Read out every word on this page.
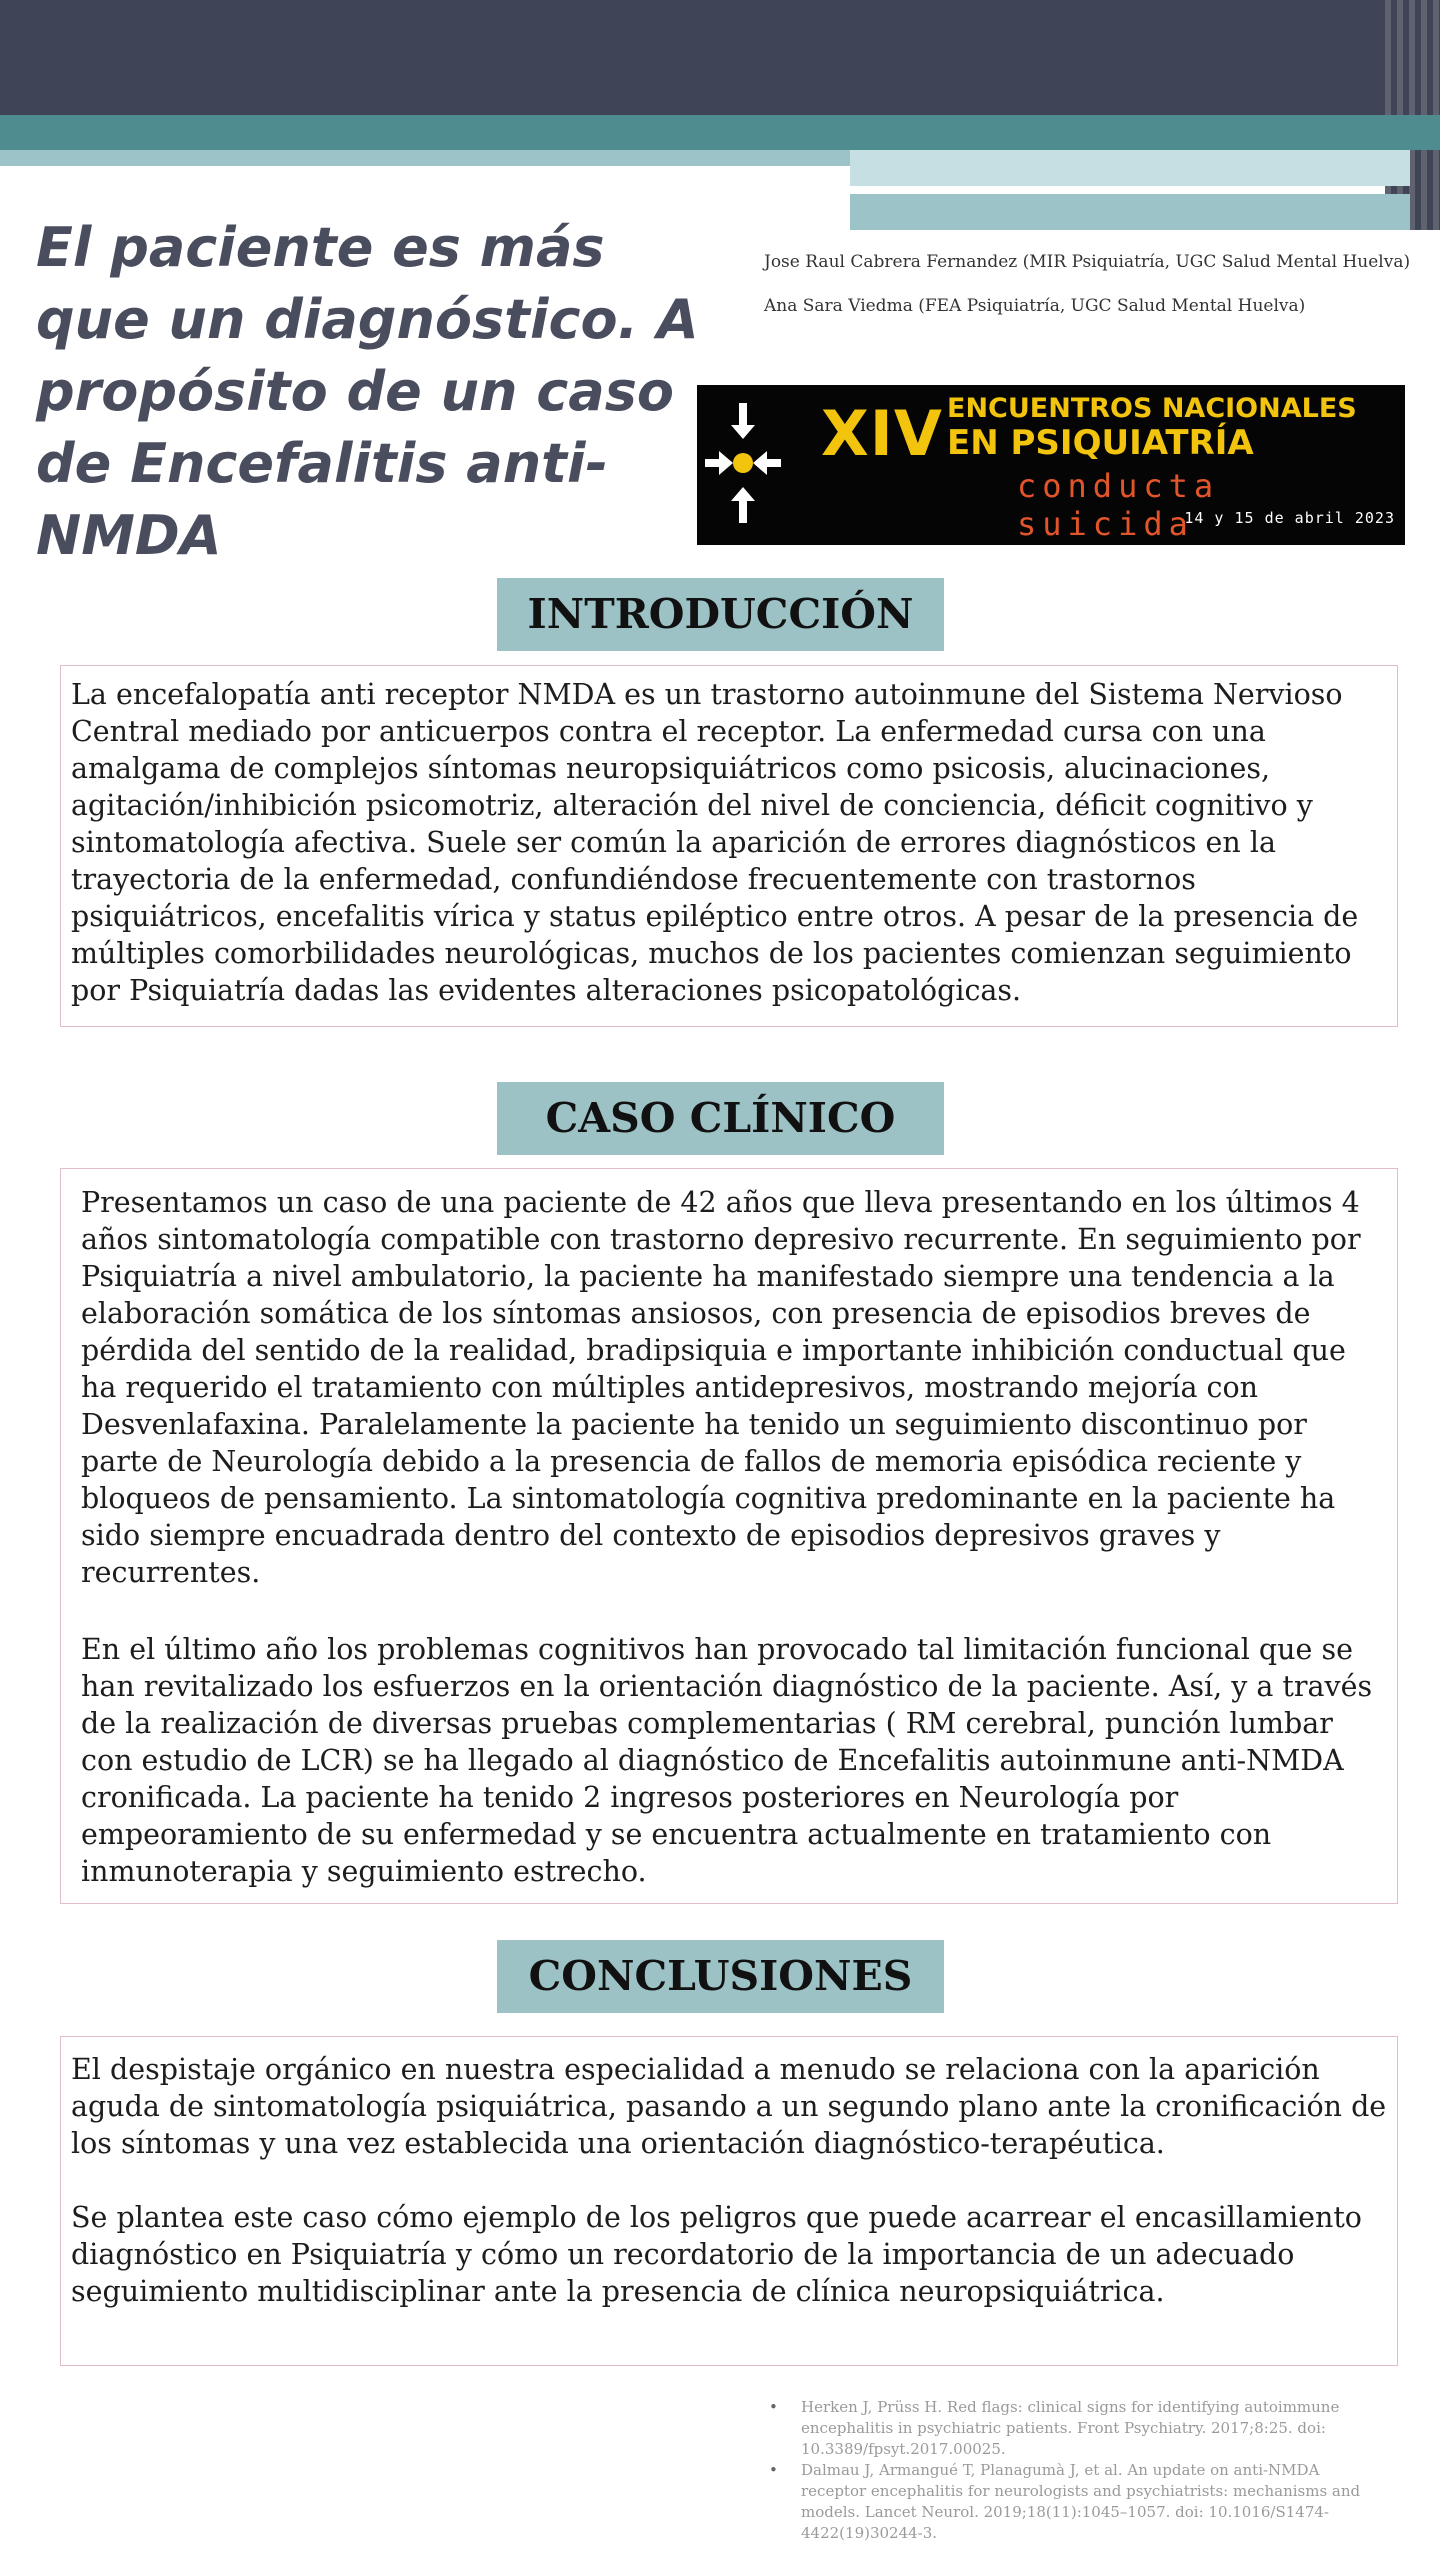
El paciente es más que un diagnóstico. A propósito de un caso de Encefalitis anti-NMDA
Jose Raul Cabrera Fernandez (MIR Psiquiatría, UGC Salud Mental Huelva)
Ana Sara Viedma (FEA Psiquiatría, UGC Salud Mental Huelva)
XIV ENCUENTROS NACIONALES
EN PSIQUIATRÍA
conducta suicida
14 y 15 de abril 2023
INTRODUCCIÓN

La encefalopatía anti receptor NMDA es un trastorno autoinmune del Sistema Nervioso Central mediado por anticuerpos contra el receptor. La enfermedad cursa con una amalgama de complejos síntomas neuropsiquiátricos como psicosis, alucinaciones, agitación/inhibición psicomotriz, alteración del nivel de conciencia, déficit cognitivo y sintomatología afectiva. Suele ser común la aparición de errores diagnósticos en la trayectoria de la enfermedad, confundiéndose frecuentemente con trastornos psiquiátricos, encefalitis vírica y status epiléptico entre otros. A pesar de la presencia de múltiples comorbilidades neurológicas, muchos de los pacientes comienzan seguimiento por Psiquiatría dadas las evidentes alteraciones psicopatológicas.

CASO CLÍNICO

Presentamos un caso de una paciente de 42 años que lleva presentando en los últimos 4 años sintomatología compatible con trastorno depresivo recurrente. En seguimiento por Psiquiatría a nivel ambulatorio, la paciente ha manifestado siempre una tendencia a la elaboración somática de los síntomas ansiosos, con presencia de episodios breves de pérdida del sentido de la realidad, bradipsiquia e importante inhibición conductual que ha requerido el tratamiento con múltiples antidepresivos, mostrando mejoría con Desvenlafaxina. Paralelamente la paciente ha tenido un seguimiento discontinuo por parte de Neurología debido a la presencia de fallos de memoria episódica reciente y bloqueos de pensamiento. La sintomatología cognitiva predominante en la paciente ha sido siempre encuadrada dentro del contexto de episodios depresivos graves y recurrentes.

En el último año los problemas cognitivos han provocado tal limitación funcional que se han revitalizado los esfuerzos en la orientación diagnóstico de la paciente. Así, y a través de la realización de diversas pruebas complementarias ( RM cerebral, punción lumbar con estudio de LCR) se ha llegado al diagnóstico de Encefalitis autoinmune anti-NMDA cronificada. La paciente ha tenido 2 ingresos posteriores en Neurología por empeoramiento de su enfermedad y se encuentra actualmente en tratamiento con inmunoterapia y seguimiento estrecho.

CONCLUSIONES

El despistaje orgánico en nuestra especialidad a menudo se relaciona con la aparición aguda de sintomatología psiquiátrica, pasando a un segundo plano ante la cronificación de los síntomas y una vez establecida una orientación diagnóstico-terapéutica.

Se plantea este caso cómo ejemplo de los peligros que puede acarrear el encasillamiento diagnóstico en Psiquiatría y cómo un recordatorio de la importancia de un adecuado seguimiento multidisciplinar ante la presencia de clínica neuropsiquiátrica.

• Herken J, Prüss H. Red flags: clinical signs for identifying autoimmune encephalitis in psychiatric patients. Front Psychiatry. 2017;8:25. doi: 10.3389/fpsyt.2017.00025.
• Dalmau J, Armangué T, Planagumà J, et al. An update on anti-NMDA receptor encephalitis for neurologists and psychiatrists: mechanisms and models. Lancet Neurol. 2019;18(11):1045–1057. doi: 10.1016/S1474-4422(19)30244-3.
